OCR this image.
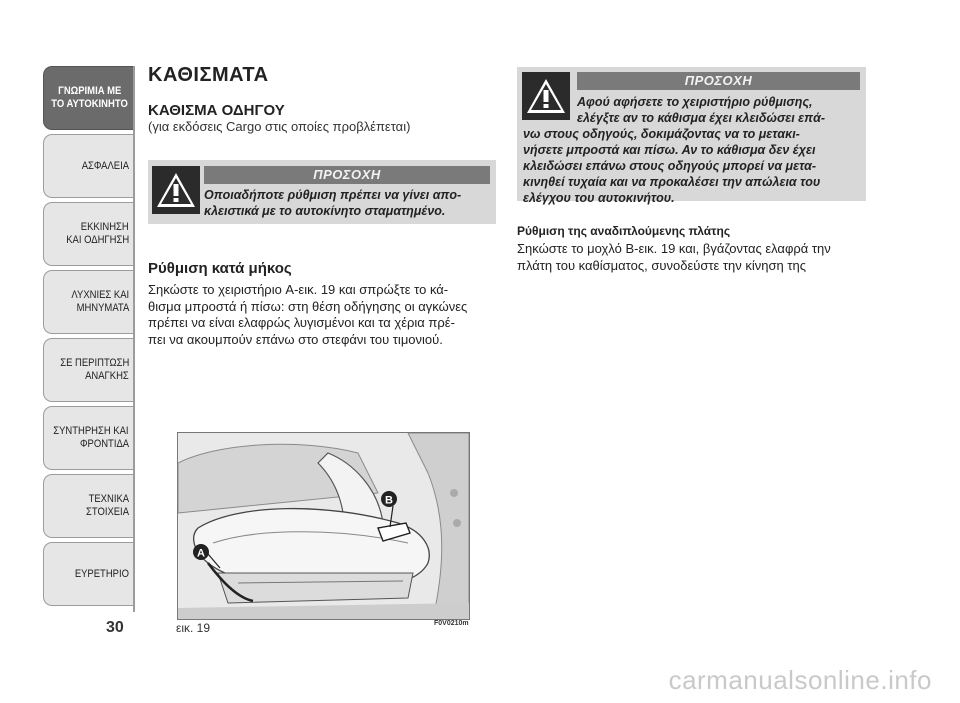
ΓΝΩΡΙΜΙΑ ΜΕ
ΤΟ ΑΥΤΟΚΙΝΗΤΟ
ΑΣΦΑΛΕΙΑ
ΕΚΚΙΝΗΣΗ
ΚΑΙ ΟΔΗΓΗΣΗ
ΛΥΧΝΙΕΣ ΚΑΙ
ΜΗΝΥΜΑΤΑ
ΣΕ ΠΕΡΙΠΤΩΣΗ
ΑΝΑΓΚΗΣ
ΣΥΝΤΗΡΗΣΗ ΚΑΙ
ΦΡΟΝΤΙΔΑ
ΤΕΧΝΙΚΑ
ΣΤΟΙΧΕΙΑ
ΕΥΡΕΤΗΡΙΟ
30
ΚΑΘΙΣΜΑΤΑ
ΚΑΘΙΣΜΑ ΟΔΗΓΟΥ
(για εκδόσεις Cargo στις οποίες προβλέπεται)
ΠΡΟΣΟΧΗ
Οποιαδήποτε ρύθμιση πρέπει να γίνει απο-
κλειστικά με το αυτοκίνητο σταματημένο.
Ρύθμιση κατά μήκος
Σηκώστε το χειριστήριο A-εικ. 19 και σπρώξτε το κά-
θισμα μπροστά ή πίσω: στη θέση οδήγησης οι αγκώνες
πρέπει να είναι ελαφρώς λυγισμένοι και τα χέρια πρέ-
πει να ακουμπούν επάνω στο στεφάνι του τιμονιού.
B
A
εικ. 19	F0V0210m
ΠΡΟΣΟΧΗ
Αφού αφήσετε το χειριστήριο ρύθμισης,
ελέγξτε αν το κάθισμα έχει κλειδώσει επά-
νω στους οδηγούς, δοκιμάζοντας να το μετακι-
νήσετε μπροστά και πίσω. Αν το κάθισμα δεν έχει
κλειδώσει επάνω στους οδηγούς μπορεί να μετα-
κινηθεί τυχαία και να προκαλέσει την απώλεια του
ελέγχου του αυτοκινήτου.
Ρύθμιση της αναδιπλούμενης πλάτης
Σηκώστε το μοχλό B-εικ. 19 και, βγάζοντας ελαφρά την
πλάτη του καθίσματος, συνοδεύστε την κίνηση της
carmanualsonline.info
